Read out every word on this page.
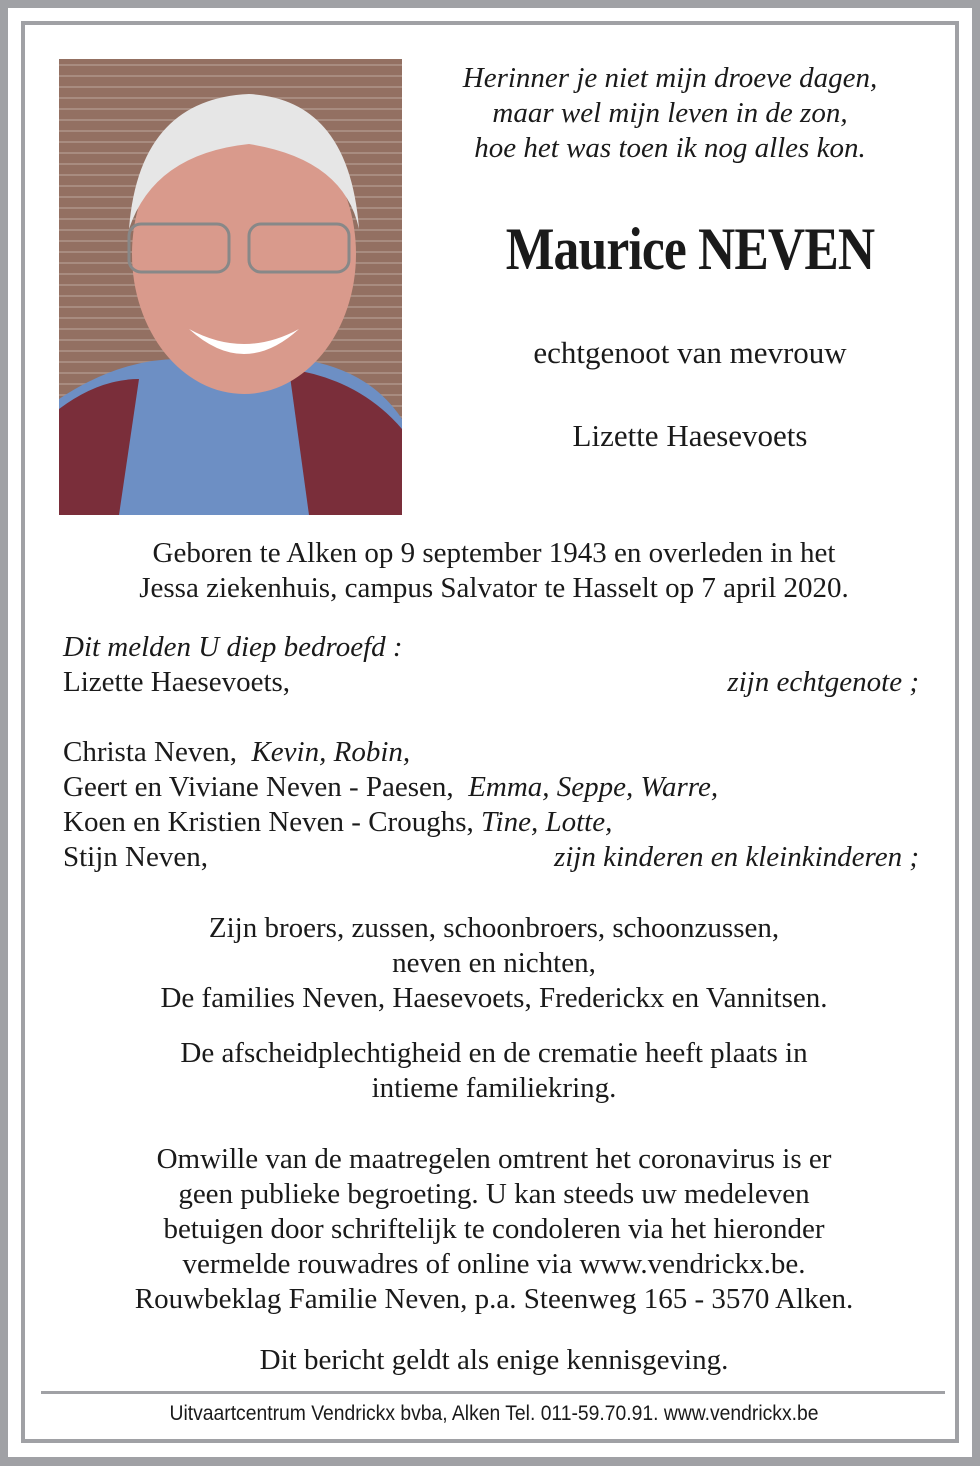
Herinner je niet mijn droeve dagen,
maar wel mijn leven in de zon,
hoe het was toen ik nog alles kon.
Maurice NEVEN
echtgenoot van mevrouw
Lizette Haesevoets
Geboren te Alken op 9 september 1943 en overleden in het
Jessa ziekenhuis, campus Salvator te Hasselt op 7 april 2020.
Dit melden U diep bedroefd :
Lizette Haesevoets,	zijn echtgenote ;
Christa Neven,
Kevin, Robin,
Geert en Viviane Neven - Paesen,
Emma, Seppe, Warre,
Koen en Kristien Neven - Croughs,
Tine, Lotte,
Stijn Neven,	zijn kinderen en kleinkinderen ;
Zijn broers, zussen, schoonbroers, schoonzussen,
neven en nichten,
De families Neven, Haesevoets, Frederickx en Vannitsen.
De afscheidplechtigheid en de crematie heeft plaats in
intieme familiekring.
Omwille van de maatregelen omtrent het coronavirus is er
geen publieke begroeting. U kan steeds uw medeleven
betuigen door schriftelijk te condoleren via het hieronder
vermelde rouwadres of online via www.vendrickx.be.
Rouwbeklag Familie Neven, p.a. Steenweg 165 - 3570 Alken.
Dit bericht geldt als enige kennisgeving.
Uitvaartcentrum Vendrickx bvba, Alken Tel. 011-59.70.91. www.vendrickx.be
